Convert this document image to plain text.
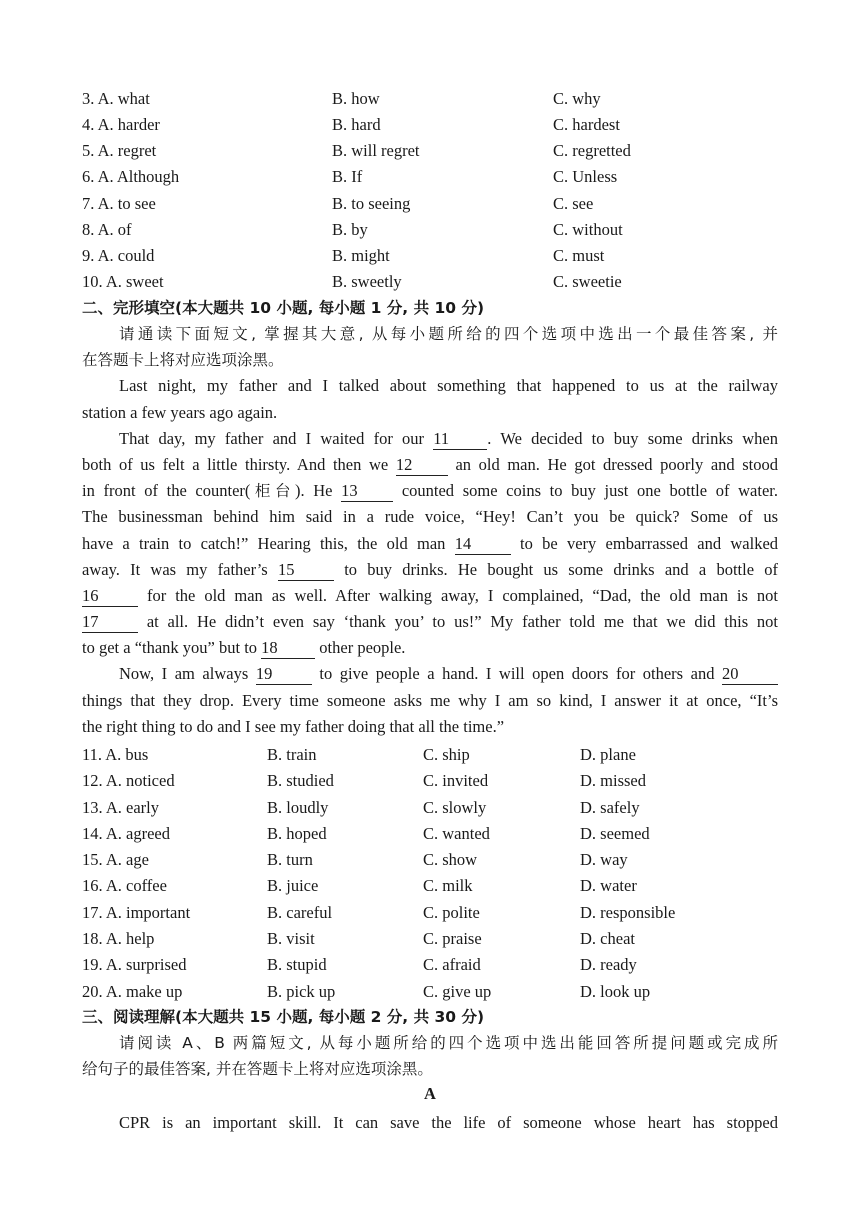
3. A. what	B. how	C. why
4. A. harder	B. hard	C. hardest
5. A. regret	B. will regret	C. regretted
6. A. Although	B. If	C. Unless
7. A. to see	B. to seeing	C. see
8. A. of	B. by	C. without
9. A. could	B. might	C. must
10. A. sweet	B. sweetly	C. sweetie
二、完形填空(本大题共 10 小题, 每小题 1 分, 共 10 分)
请通读下面短文, 掌握其大意, 从每小题所给的四个选项中选出一个最佳答案, 并
在答题卡上将对应选项涂黑。
Last night, my father and I talked about something that happened to us at the railway
station a few years ago again.
That day, my father and I waited for our 11 . We decided to buy some drinks when
both of us felt a little thirsty. And then we 12	an old man. He got dressed poorly and stood
in front of the counter(柜台). He 13	counted some coins to buy just one bottle of water.
The businessman behind him said in a rude voice, “Hey! Can’t you be quick? Some of us
have a train to catch!” Hearing this, the old man 14	to be very embarrassed and walked
away. It was my father’s 15	to buy drinks. He bought us some drinks and a bottle of
16	for the old man as well. After walking away, I complained, “Dad, the old man is not
17	at all. He didn’t even say ‘thank you’ to us!” My father told me that we did this not
to get a “thank you” but to 18	other people.
Now, I am always 19	to give people a hand. I will open doors for others and 20
things that they drop. Every time someone asks me why I am so kind, I answer it at once, “It’s
the right thing to do and I see my father doing that all the time.”
11. A. bus	B. train	C. ship	D. plane
12. A. noticed	B. studied	C. invited	D. missed
13. A. early	B. loudly	C. slowly	D. safely
14. A. agreed	B. hoped	C. wanted	D. seemed
15. A. age	B. turn	C. show	D. way
16. A. coffee	B. juice	C. milk	D. water
17. A. important	B. careful	C. polite	D. responsible
18. A. help	B. visit	C. praise	D. cheat
19. A. surprised	B. stupid	C. afraid	D. ready
20. A. make up	B. pick up	C. give up	D. look up
三、阅读理解(本大题共 15 小题, 每小题 2 分, 共 30 分)
请阅读 A、B 两篇短文, 从每小题所给的四个选项中选出能回答所提问题或完成所
给句子的最佳答案, 并在答题卡上将对应选项涂黑。
A
CPR is an important skill. It can save the life of someone whose heart has stopped
